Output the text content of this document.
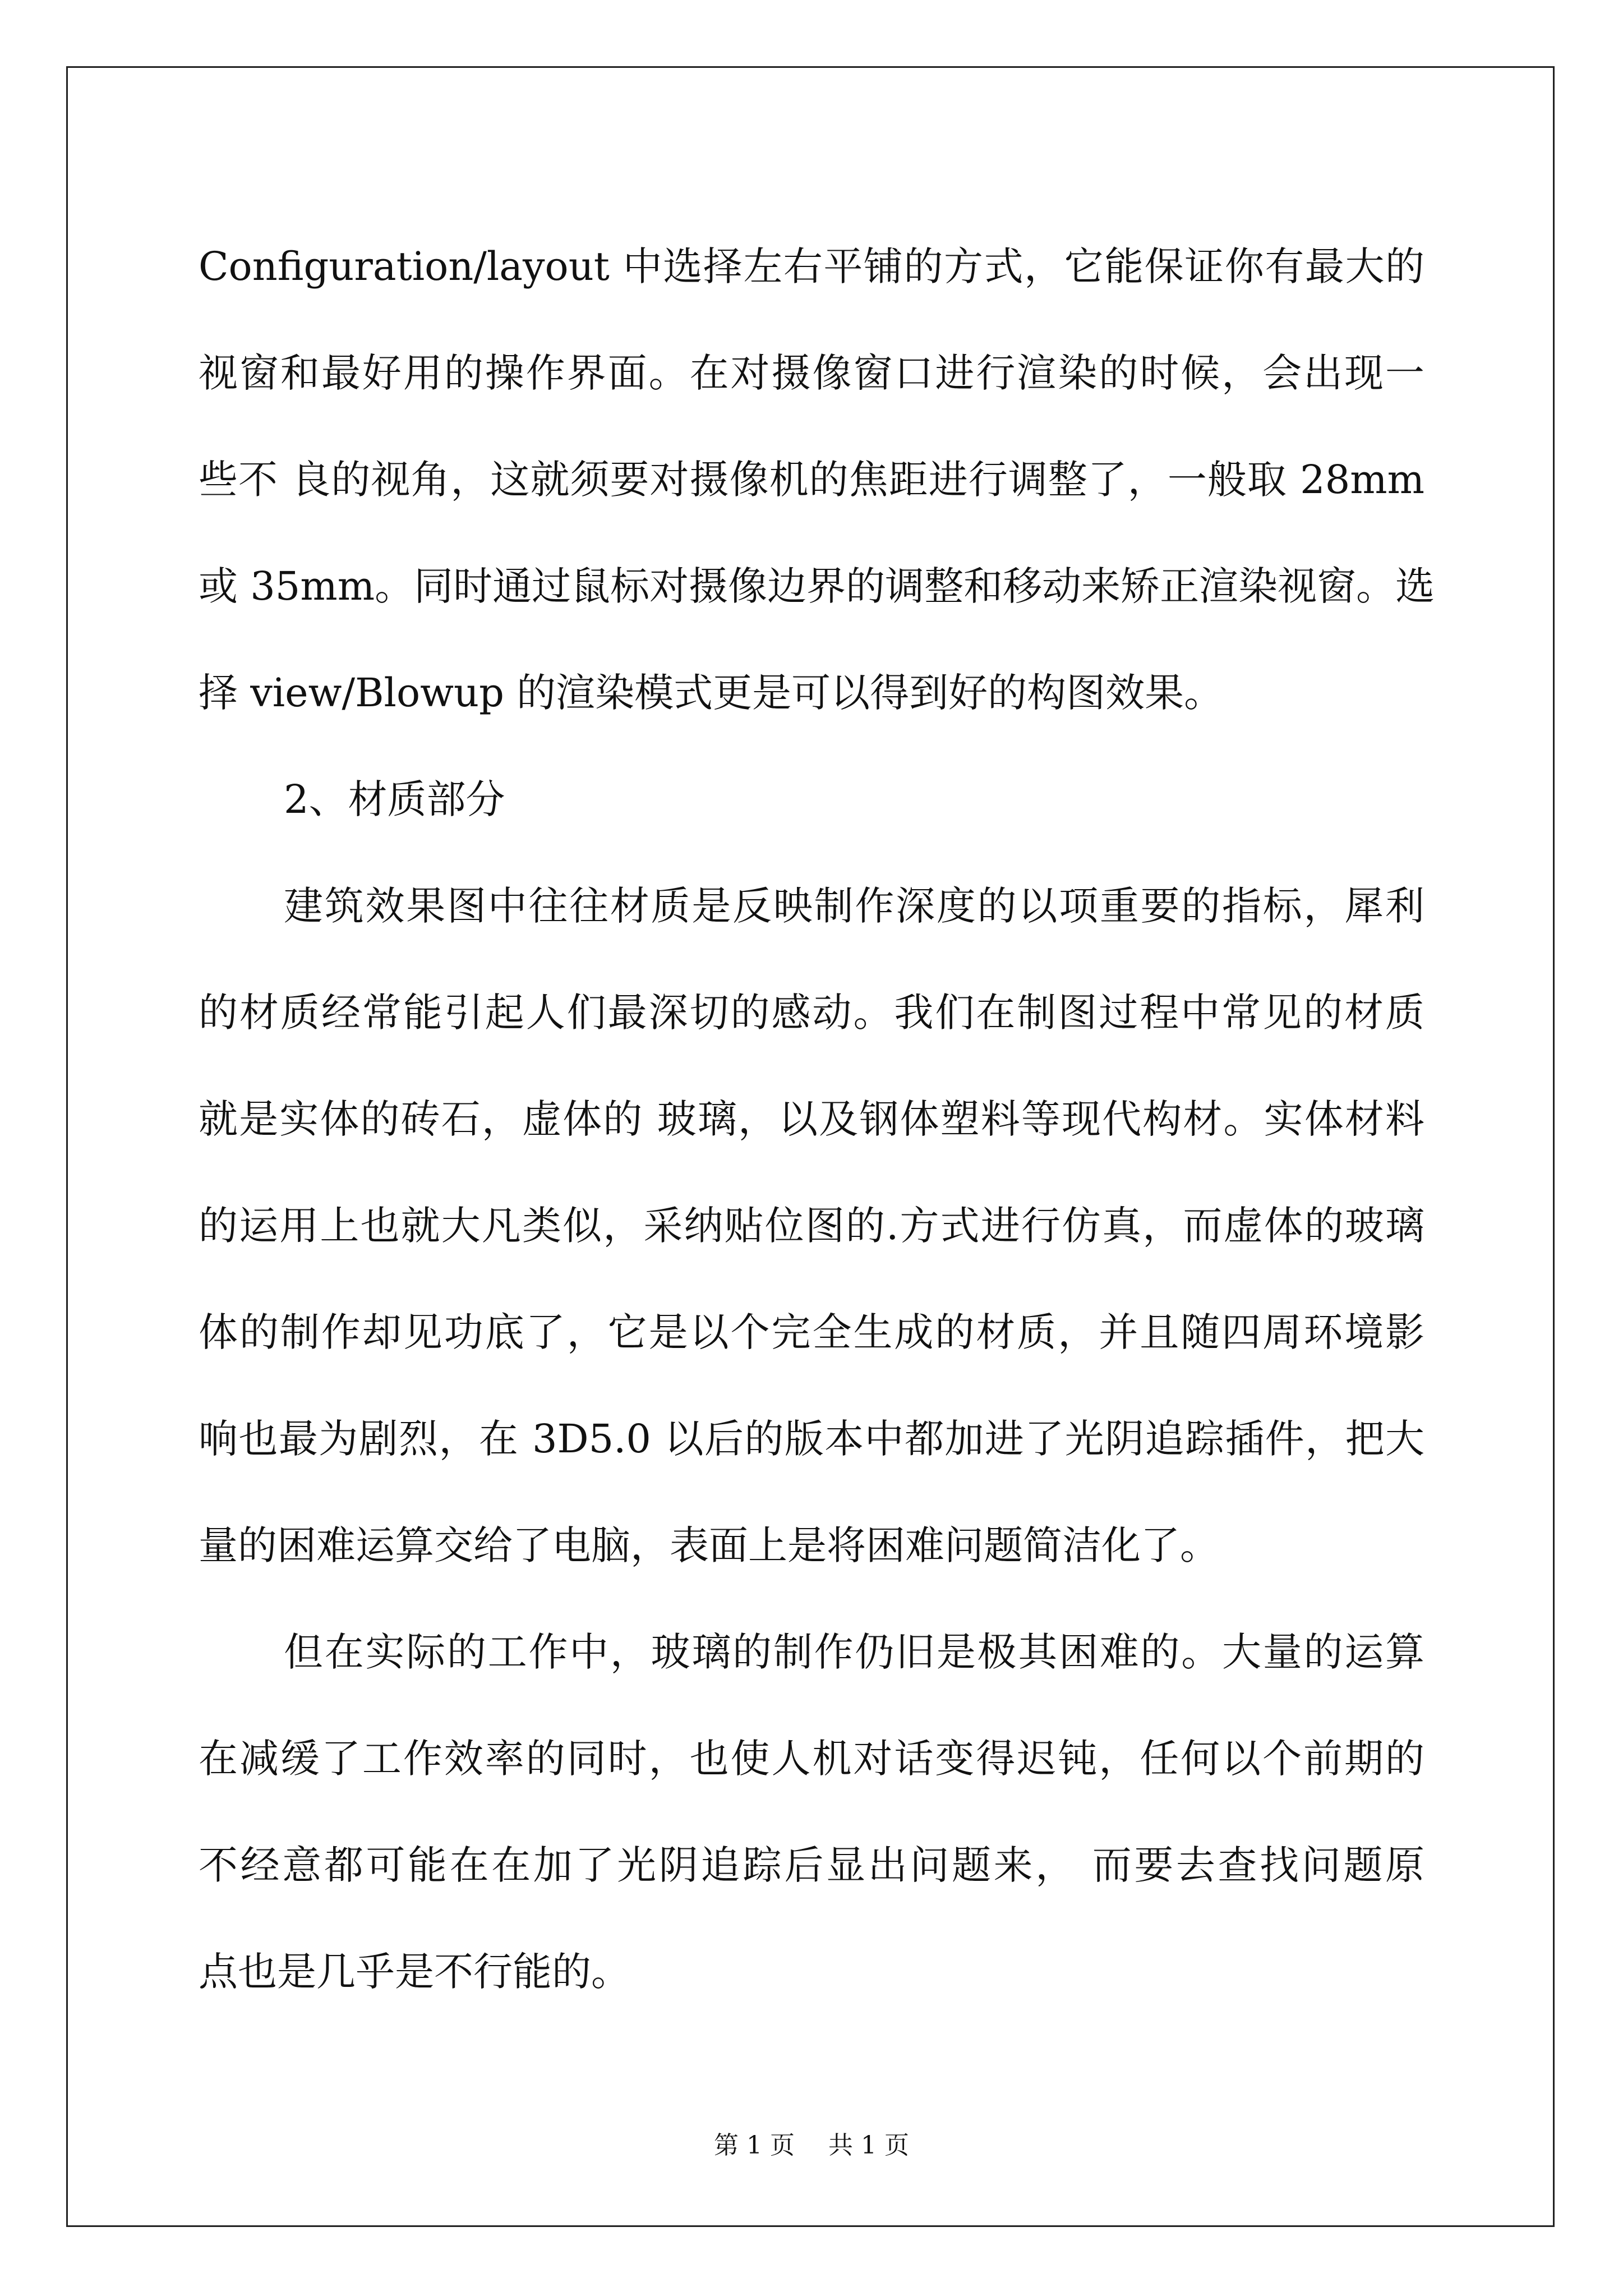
Configuration/layout 中选择左右平铺的方式，它能保证你有最大的
视窗和最好用的操作界面。在对摄像窗口进行渲染的时候，会出现一
些不 良的视角，这就须要对摄像机的焦距进行调整了，一般取 28mm
或 35mm。同时通过鼠标对摄像边界的调整和移动来矫正渲染视窗。选
择 view/Blowup 的渲染模式更是可以得到好的构图效果。
2、材质部分
建筑效果图中往往材质是反映制作深度的以项重要的指标，犀利
的材质经常能引起人们最深切的感动。我们在制图过程中常见的材质
就是实体的砖石，虚体的 玻璃，以及钢体塑料等现代构材。实体材料
的运用上也就大凡类似，采纳贴位图的.方式进行仿真，而虚体的玻璃
体的制作却见功底了，它是以个完全生成的材质，并且随四周环境影
响也最为剧烈，在 3D5.0 以后的版本中都加进了光阴追踪插件，把大
量的困难运算交给了电脑，表面上是将困难问题简洁化了。
但在实际的工作中，玻璃的制作仍旧是极其困难的。大量的运算
在减缓了工作效率的同时，也使人机对话变得迟钝，任何以个前期的
不经意都可能在在加了光阴追踪后显出问题来， 而要去查找问题原
点也是几乎是不行能的。
第 1 页 共 1 页
